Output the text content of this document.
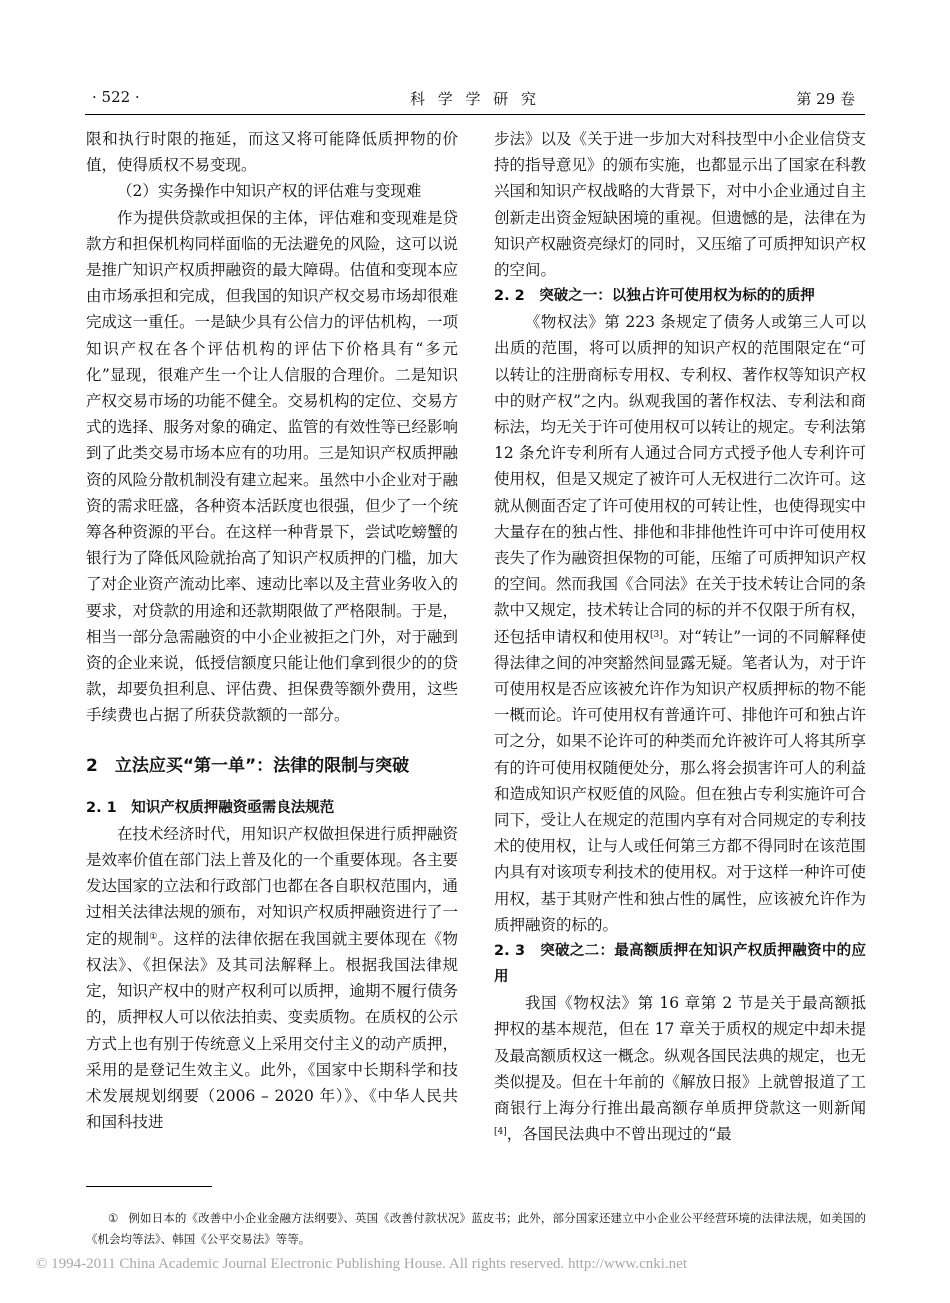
· 522 ·	科 学 学 研 究	第 29 卷

限和执行时限的拖延，而这又将可能降低质押物的价值，使得质权不易变现。

（2）实务操作中知识产权的评估难与变现难

作为提供贷款或担保的主体，评估难和变现难是贷款方和担保机构同样面临的无法避免的风险，这可以说是推广知识产权质押融资的最大障碍。估值和变现本应由市场承担和完成，但我国的知识产权交易市场却很难完成这一重任。一是缺少具有公信力的评估机构，一项知识产权在各个评估机构的评估下价格具有“多元化”显现，很难产生一个让人信服的合理价。二是知识产权交易市场的功能不健全。交易机构的定位、交易方式的选择、服务对象的确定、监管的有效性等已经影响到了此类交易市场本应有的功用。三是知识产权质押融资的风险分散机制没有建立起来。虽然中小企业对于融资的需求旺盛，各种资本活跃度也很强，但少了一个统筹各种资源的平台。在这样一种背景下，尝试吃螃蟹的银行为了降低风险就抬高了知识产权质押的门槛，加大了对企业资产流动比率、速动比率以及主营业务收入的要求，对贷款的用途和还款期限做了严格限制。于是，相当一部分急需融资的中小企业被拒之门外，对于融到资的企业来说，低授信额度只能让他们拿到很少的的贷款，却要负担利息、评估费、担保费等额外费用，这些手续费也占据了所获贷款额的一部分。

2　立法应买“第一单”：法律的限制与突破

2. 1　知识产权质押融资亟需良法规范

在技术经济时代，用知识产权做担保进行质押融资是效率价值在部门法上普及化的一个重要体现。各主要发达国家的立法和行政部门也都在各自职权范围内，通过相关法律法规的颁布，对知识产权质押融资进行了一定的规制①。这样的法律依据在我国就主要体现在《物权法》、《担保法》及其司法解释上。根据我国法律规定，知识产权中的财产权利可以质押，逾期不履行债务的，质押权人可以依法拍卖、变卖质物。在质权的公示方式上也有别于传统意义上采用交付主义的动产质押，采用的是登记生效主义。此外，《国家中长期科学和技术发展规划纲要（2006 – 2020 年）》、《中华人民共和国科技进

步法》以及《关于进一步加大对科技型中小企业信贷支持的指导意见》的颁布实施，也都显示出了国家在科教兴国和知识产权战略的大背景下，对中小企业通过自主创新走出资金短缺困境的重视。但遗憾的是，法律在为知识产权融资亮绿灯的同时，又压缩了可质押知识产权的空间。

2. 2　突破之一：以独占许可使用权为标的的质押

《物权法》第 223 条规定了债务人或第三人可以出质的范围，将可以质押的知识产权的范围限定在“可以转让的注册商标专用权、专利权、著作权等知识产权中的财产权”之内。纵观我国的著作权法、专利法和商标法，均无关于许可使用权可以转让的规定。专利法第 12 条允许专利所有人通过合同方式授予他人专利许可使用权，但是又规定了被许可人无权进行二次许可。这就从侧面否定了许可使用权的可转让性，也使得现实中大量存在的独占性、排他和非排他性许可中许可使用权丧失了作为融资担保物的可能，压缩了可质押知识产权的空间。然而我国《合同法》在关于技术转让合同的条款中又规定，技术转让合同的标的并不仅限于所有权，还包括申请权和使用权[3]。对“转让”一词的不同解释使得法律之间的冲突豁然间显露无疑。笔者认为，对于许可使用权是否应该被允许作为知识产权质押标的物不能一概而论。许可使用权有普通许可、排他许可和独占许可之分，如果不论许可的种类而允许被许可人将其所享有的许可使用权随便处分，那么将会损害许可人的利益和造成知识产权贬值的风险。但在独占专利实施许可合同下，受让人在规定的范围内享有对合同规定的专利技术的使用权，让与人或任何第三方都不得同时在该范围内具有对该项专利技术的使用权。对于这样一种许可使用权，基于其财产性和独占性的属性，应该被允许作为质押融资的标的。

2. 3　突破之二：最高额质押在知识产权质押融资中的应用

我国《物权法》第 16 章第 2 节是关于最高额抵押权的基本规范，但在 17 章关于质权的规定中却未提及最高额质权这一概念。纵观各国民法典的规定，也无类似提及。但在十年前的《解放日报》上就曾报道了工商银行上海分行推出最高额存单质押贷款这一则新闻[4]，各国民法典中不曾出现过的“最

① 例如日本的《改善中小企业金融方法纲要》、英国《改善付款状况》蓝皮书；此外，部分国家还建立中小企业公平经营环境的法律法规，如美国的《机会均等法》、韩国《公平交易法》等等。
© 1994-2011 China Academic Journal Electronic Publishing House. All rights reserved. http://www.cnki.net
